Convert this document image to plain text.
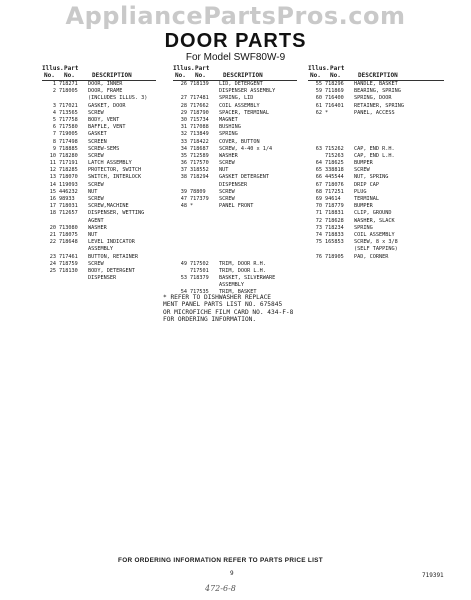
AppliancePartsPros.com
DOOR PARTS
For Model SWF80W-9
Illus. Part
No. No.	DESCRIPTION
1 718271 DOOR, INNER
2 718005 DOOR, FRAME
(INCLUDES ILLUS. 3)
3 717021 GASKET, DOOR
4 713565 SCREW
5 717758 BODY, VENT
6 717580 BAFFLE, VENT
7 719005 GASKET
8 717498 SCREEN
9 718885 SCREW-SEMS
10 718280 SCREW
11 717191 LATCH ASSEMBLY
12 718285 PROTECTOR, SWITCH
13 718070 SWITCH, INTERLOCK
14 119093 SCREW
15 446232 NUT
16 98933	SCREW
17 718031 SCREW,MACHINE
18 712657 DISPENSER, WETTING
AGENT
20 713080 WASHER
21 718075 NUT
22 718648 LEVEL INDICATOR
ASSEMBLY
23 717461 BUTTON, RETAINER
24 718759 SCREW
25 718130 BODY, DETERGENT
DISPENSER
Illus. Part
No. No.	DESCRIPTION
26 718139 LID, DETERGENT
DISPENSER ASSEMBLY
27 717481 SPRING, LID
28 717662 COIL ASSEMBLY
29 718790 SPACER, TERMINAL
30 715734 MAGNET
31 717088 BUSHING
32 713849 SPRING
33 718422 COVER, BUTTON
34 718687 SCREW, 4-40 x 1/4
35 712589 WASHER
36 717570 SCREW
37 318552 NUT
38 718294 GASKET DETERGENT
DISPENSER
39 78809	SCREW
47 717379 SCREW
48 *	PANEL FRONT
49 717502 TRIM, DOOR R.H.
717501 TRIM, DOOR L.H.
53 718379 BASKET, SILVERWARE
ASSEMBLY
54 717535 TRIM, BASKET
Illus. Part
No. No.	DESCRIPTION
55 718296 HANDLE, BASKET
59 711869 BEARING, SPRING
60 716400 SPRING, DOOR
61 716401 RETAINER, SPRING
62 *	PANEL, ACCESS
63 715262 CAP, END R.H.
715263 CAP, END L.H.
64 718625 BUMPER
65 338818 SCREW
66 445544 NUT, SPRING
67 718076 DRIP CAP
68 717251 PLUG
69 94614	TERMINAL
70 718779 BUMPER
71 718831 CLIP, GROUND
72 718628 WASHER, SLACK
73 718234 SPRING
74 718833 COIL ASSEMBLY
75 165853 SCREW, 8 x 3/8
(SELF TAPPING)
76 718905 PAD, CORNER
* REFER TO DISHWASHER REPLACE
MENT PANEL PARTS LIST NO. 675845
OR MICROFICHE FILM CARD NO. 434-F-8
FOR ORDERING INFORMATION.
FOR ORDERING INFORMATION REFER TO PARTS PRICE LIST
9	719391
472-6-8
